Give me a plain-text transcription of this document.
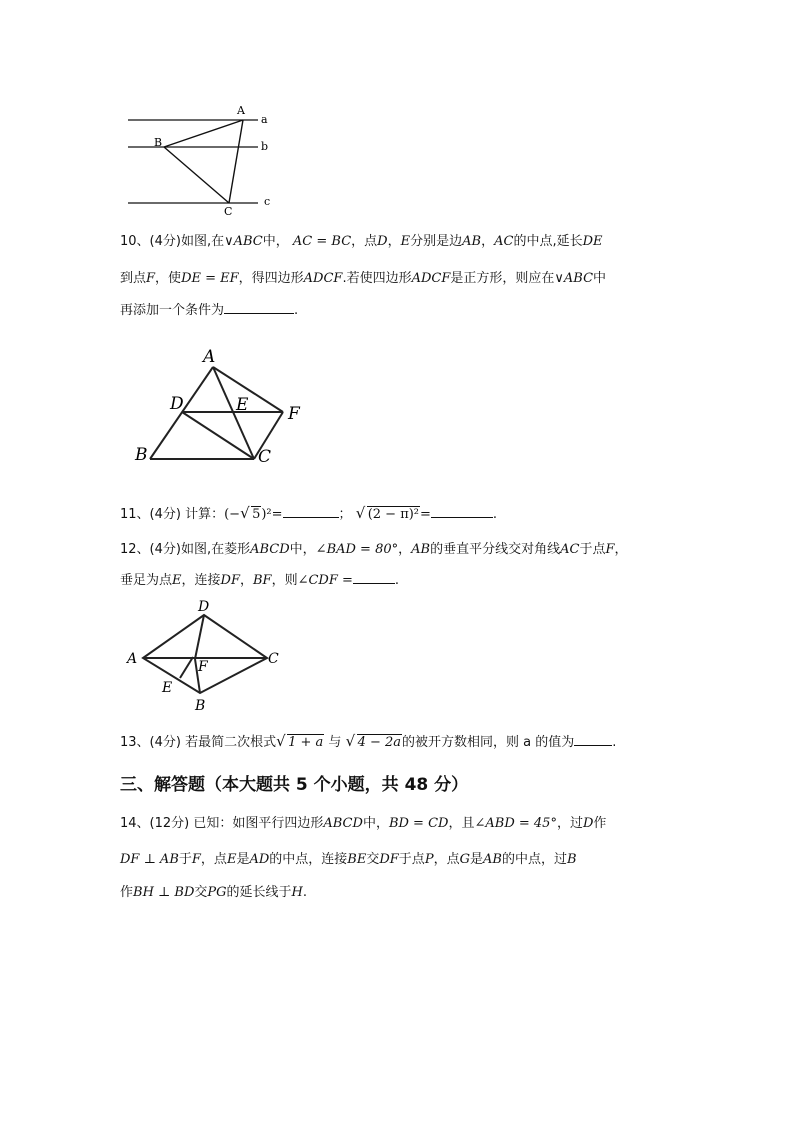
A
B
C
a
b
c
10、(4分)如图,在∨ABC中， AC = BC，点D，E分别是边AB，AC的中点,延长DE
到点F，使DE = EF，得四边形ADCF.若使四边形ADCF是正方形，则应在∨ABC中
再添加一个条件为	.
A
D	E F
B	C
11、(4分) 计算：(− √ 5)²=	； √ (2 − π)²=	.
12、(4分)如图,在菱形ABCD中，∠BAD = 80°，AB的垂直平分线交对角线AC于点F，
垂足为点E，连接DF，BF，则∠CDF =	.
D
A	F	C
E
B
13、(4分) 若最简二次根式 √ 1 + a 与 √ 4 − 2a的被开方数相同，则 a 的值为	.
三、解答题（本大题共 5 个小题，共 48 分）
14、(12分) 已知：如图平行四边形ABCD中，BD = CD，且∠ABD = 45°，过D作
DF ⊥ AB于F，点E是AD的中点，连接BE交DF于点P，点G是AB的中点，过B
作BH ⊥ BD交PG的延长线于H.
